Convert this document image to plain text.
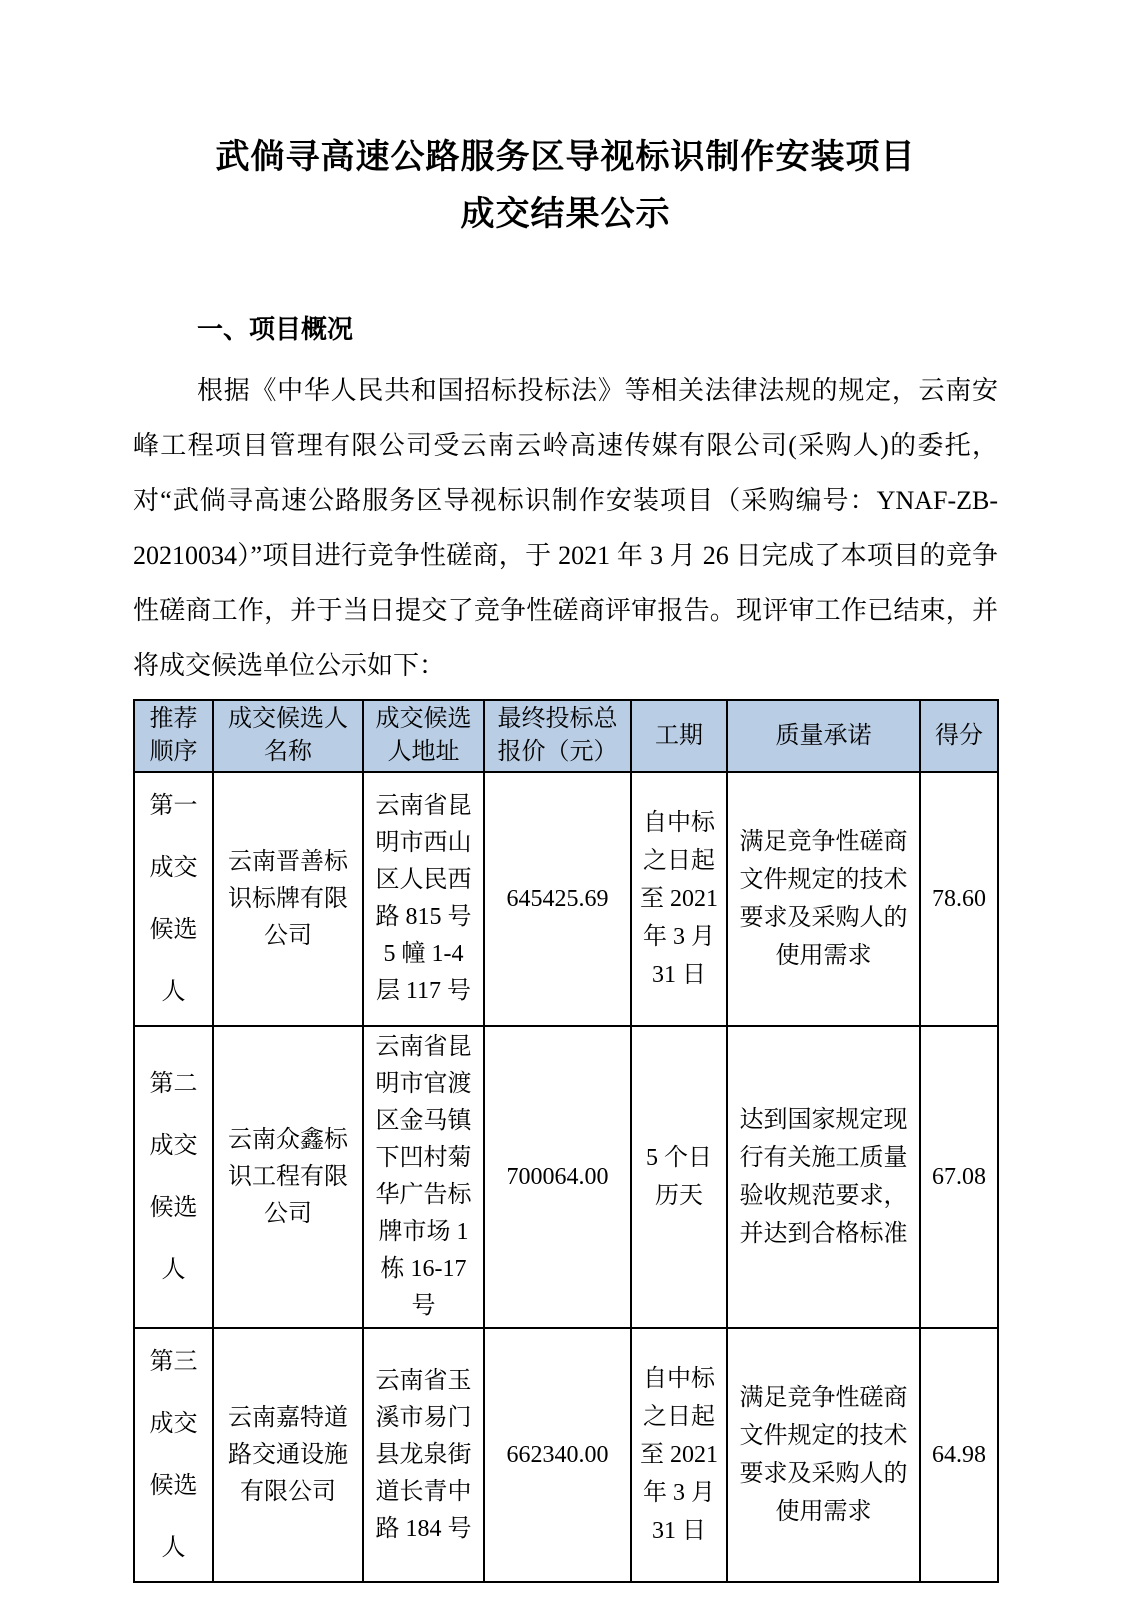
武倘寻高速公路服务区导视标识制作安装项目
成交结果公示
一、项目概况

根据《中华人民共和国招标投标法》等相关法律法规的规定，云南安峰工程项目管理有限公司受云南云岭高速传媒有限公司(采购人)的委托，对“武倘寻高速公路服务区导视标识制作安装项目（采购编号：YNAF-ZB-20210034）”项目进行竞争性磋商，于 2021 年 3 月 26 日完成了本项目的竞争性磋商工作，并于当日提交了竞争性磋商评审报告。现评审工作已结束，并将成交候选单位公示如下：

推荐顺序	成交候选人名称	成交候选人地址	最终投标总报价（元）	工期	质量承诺	得分
第一成交候选人	云南晋善标识标牌有限公司	云南省昆明市西山区人民西路 815 号 5 幢 1-4 层 117 号	645425.69	自中标之日起至 2021 年 3 月 31 日	满足竞争性磋商文件规定的技术要求及采购人的使用需求	78.60
第二成交候选人	云南众鑫标识工程有限公司	云南省昆明市官渡区金马镇下凹村菊华广告标牌市场 1 栋 16-17 号	700064.00	5 个日历天	达到国家规定现行有关施工质量验收规范要求，并达到合格标准	67.08
第三成交候选人	云南嘉特道路交通设施有限公司	云南省玉溪市易门县龙泉街道长青中路 184 号	662340.00	自中标之日起至 2021 年 3 月 31 日	满足竞争性磋商文件规定的技术要求及采购人的使用需求	64.98
